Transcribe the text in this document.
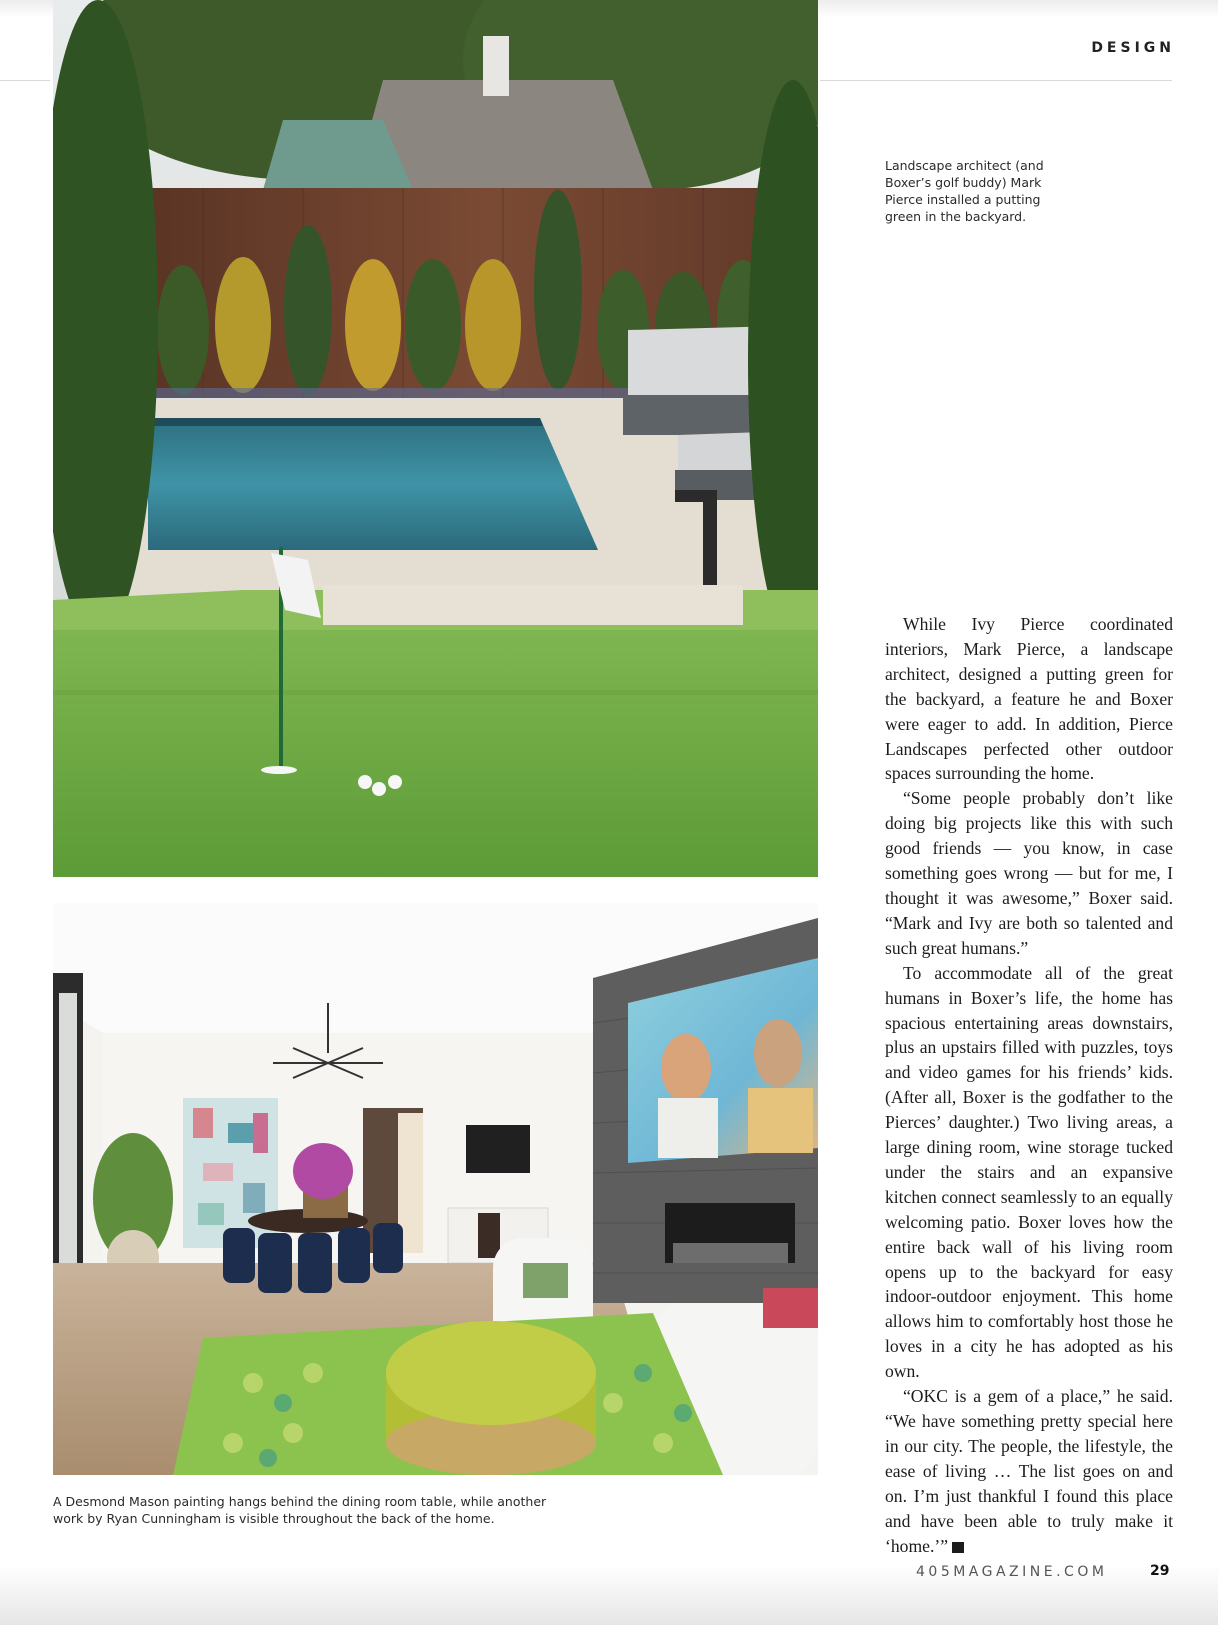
DESIGN
Landscape architect (and Boxer’s golf buddy) Mark Pierce installed a putting green in the backyard.
A Desmond Mason painting hangs behind the dining room table, while another
work by Ryan Cunningham is visible throughout the back of the home.

While Ivy Pierce coordinated interiors, Mark Pierce, a landscape architect, designed a putting green for the backyard, a feature he and Boxer were eager to add. In addition, Pierce Landscapes perfected other outdoor spaces surrounding the home.

“Some people probably don’t like doing big projects like this with such good friends — you know, in case something goes wrong — but for me, I thought it was awesome,” Boxer said. “Mark and Ivy are both so talented and such great humans.”

To accommodate all of the great humans in Boxer’s life, the home has spacious entertaining areas downstairs, plus an upstairs filled with puzzles, toys and video games for his friends’ kids. (After all, Boxer is the godfather to the Pierces’ daughter.) Two living areas, a large dining room, wine storage tucked under the stairs and an expansive kitchen connect seamlessly to an equally welcoming patio. Boxer loves how the entire back wall of his living room opens up to the backyard for easy indoor-outdoor enjoyment. This home allows him to comfortably host those he loves in a city he has adopted as his own.

“OKC is a gem of a place,” he said. “We have something pretty special here in our city. The people, the lifestyle, the ease of living … The list goes on and on. I’m just thankful I found this place and have been able to truly make it ‘home.’”

405MAGAZINE.COM	29
